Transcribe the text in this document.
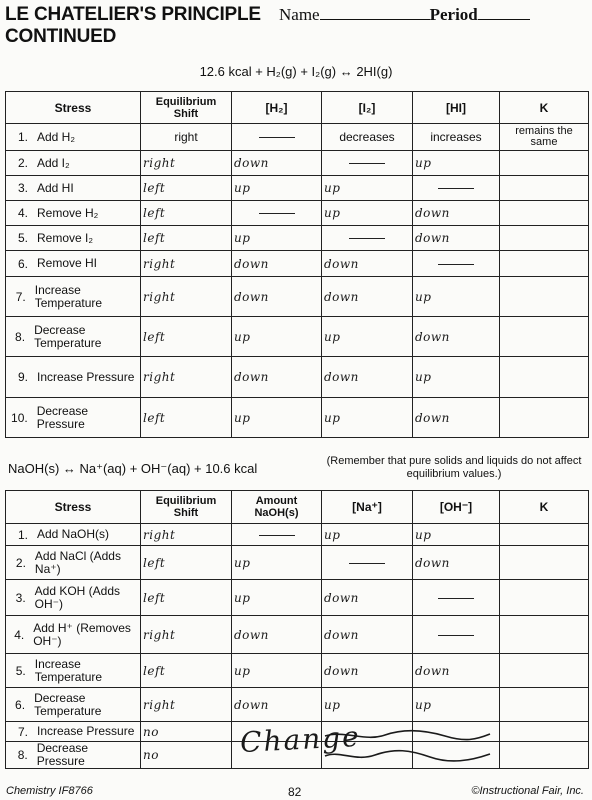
LE CHATELIER'S PRINCIPLE CONTINUED
Name	Period
12.6 kcal + H₂(g) + I₂(g) ↔ 2HI(g)
Stress	Equilibrium Shift	[H₂]	[I₂]	[HI]	K

1. Add H₂	right		decreases	increases	remains the same

2. Add I₂	right	down		up	

3. Add HI	left	up	up		

4. Remove H₂	left		up	down	

5. Remove I₂	left	up		down	

6. Remove HI	right	down	down		

7. Increase Temperature	right	down	down	up	

8. Decrease Temperature	left	up	up	down	

9. Increase Pressure	right	down	down	up	

10. Decrease Pressure	left	up	up	down	
NaOH(s) ↔ Na⁺(aq) + OH⁻(aq) + 10.6 kcal	(Remember that pure solids and liquids do not affect equilibrium values.)
Stress	Equilibrium Shift	Amount NaOH(s)	[Na⁺]	[OH⁻]	K

1. Add NaOH(s)	right		up	up	

2. Add NaCl (Adds Na⁺)	left	up		down	

3. Add KOH (Adds OH⁻)	left	up	down		

4. Add H⁺ (Removes OH⁻)	right	down	down		

5. Increase Temperature	left	up	down	down	

6. Decrease Temperature	right	down	up	up	

7. Increase Pressure	no				

8. Decrease Pressure	no					Change
Chemistry IF8766	82	©Instructional Fair, Inc.
